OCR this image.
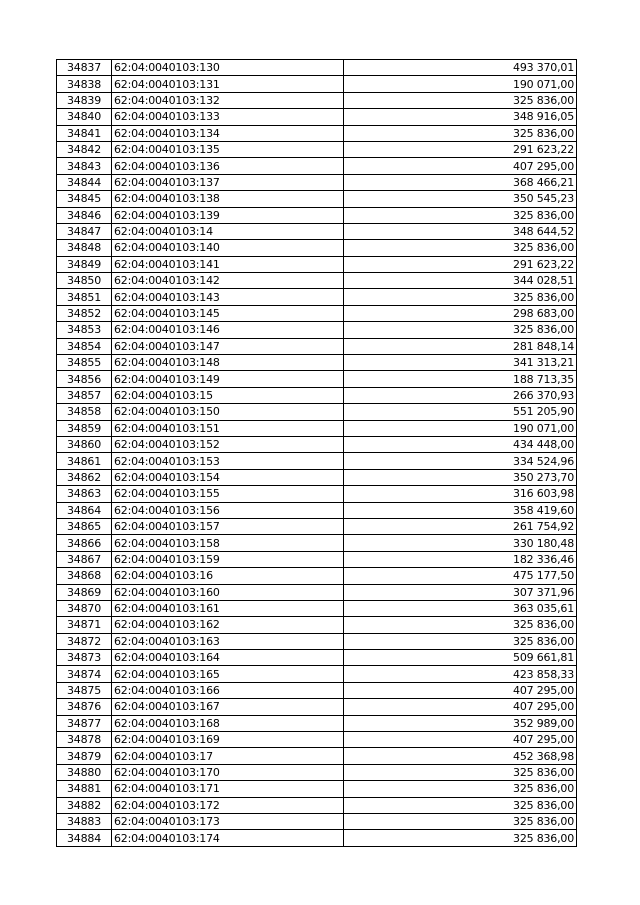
34837	62:04:0040103:130	493 370,01
34838	62:04:0040103:131	190 071,00
34839	62:04:0040103:132	325 836,00
34840	62:04:0040103:133	348 916,05
34841	62:04:0040103:134	325 836,00
34842	62:04:0040103:135	291 623,22
34843	62:04:0040103:136	407 295,00
34844	62:04:0040103:137	368 466,21
34845	62:04:0040103:138	350 545,23
34846	62:04:0040103:139	325 836,00
34847	62:04:0040103:14	348 644,52
34848	62:04:0040103:140	325 836,00
34849	62:04:0040103:141	291 623,22
34850	62:04:0040103:142	344 028,51
34851	62:04:0040103:143	325 836,00
34852	62:04:0040103:145	298 683,00
34853	62:04:0040103:146	325 836,00
34854	62:04:0040103:147	281 848,14
34855	62:04:0040103:148	341 313,21
34856	62:04:0040103:149	188 713,35
34857	62:04:0040103:15	266 370,93
34858	62:04:0040103:150	551 205,90
34859	62:04:0040103:151	190 071,00
34860	62:04:0040103:152	434 448,00
34861	62:04:0040103:153	334 524,96
34862	62:04:0040103:154	350 273,70
34863	62:04:0040103:155	316 603,98
34864	62:04:0040103:156	358 419,60
34865	62:04:0040103:157	261 754,92
34866	62:04:0040103:158	330 180,48
34867	62:04:0040103:159	182 336,46
34868	62:04:0040103:16	475 177,50
34869	62:04:0040103:160	307 371,96
34870	62:04:0040103:161	363 035,61
34871	62:04:0040103:162	325 836,00
34872	62:04:0040103:163	325 836,00
34873	62:04:0040103:164	509 661,81
34874	62:04:0040103:165	423 858,33
34875	62:04:0040103:166	407 295,00
34876	62:04:0040103:167	407 295,00
34877	62:04:0040103:168	352 989,00
34878	62:04:0040103:169	407 295,00
34879	62:04:0040103:17	452 368,98
34880	62:04:0040103:170	325 836,00
34881	62:04:0040103:171	325 836,00
34882	62:04:0040103:172	325 836,00
34883	62:04:0040103:173	325 836,00
34884	62:04:0040103:174	325 836,00
